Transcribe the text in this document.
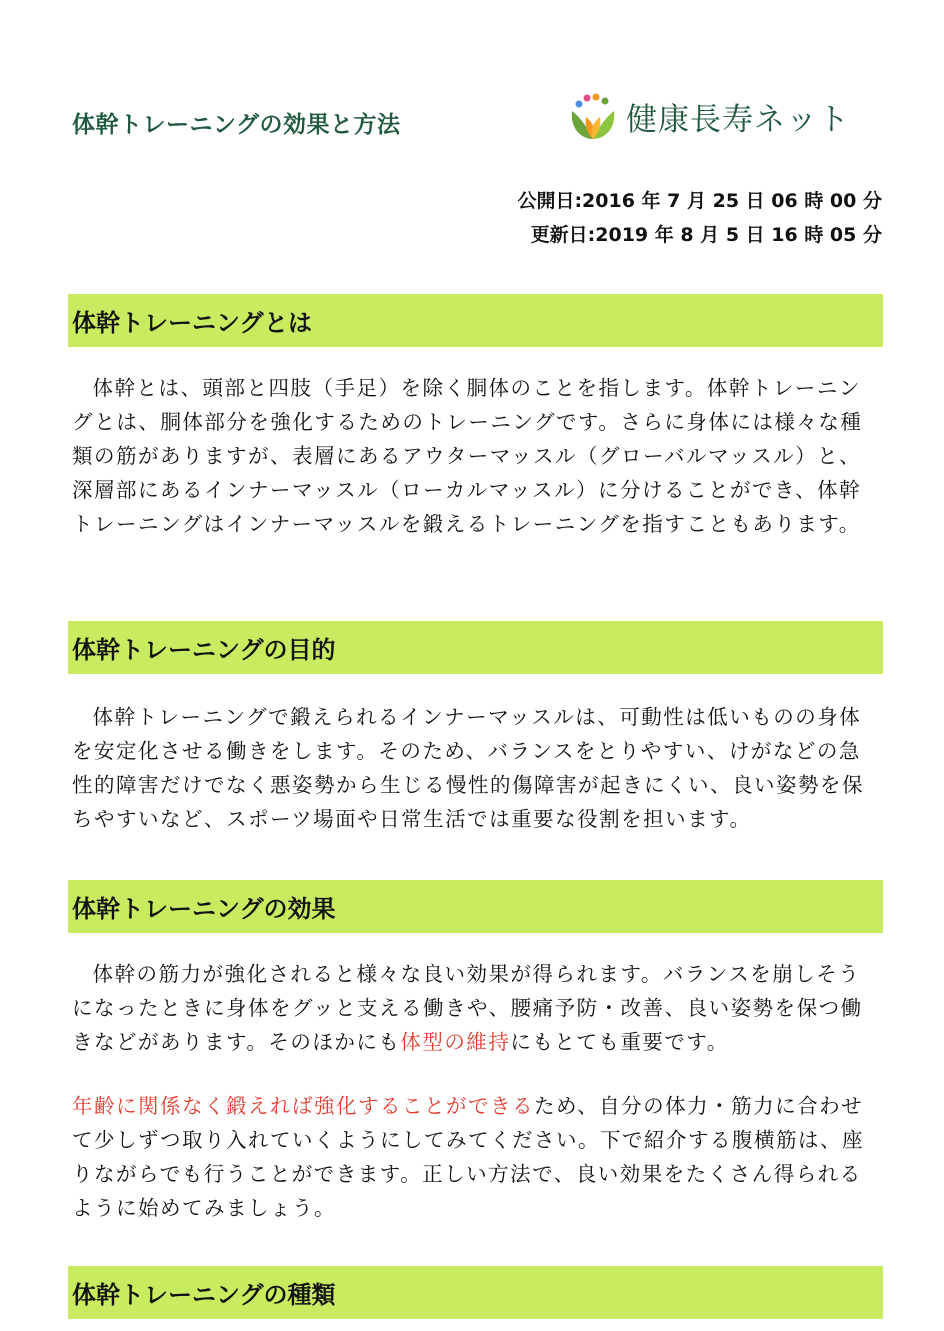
体幹トレーニングの効果と方法	健康長寿ネット
公開日:2016 年 7 月 25 日 06 時 00 分
更新日:2019 年 8 月 5 日 16 時 05 分
体幹トレーニングとは

体幹とは、頭部と四肢（手足）を除く胴体のことを指します。体幹トレーニングとは、胴体部分を強化するためのトレーニングです。さらに身体には様々な種類の筋がありますが、表層にあるアウターマッスル（グローバルマッスル）と、深層部にあるインナーマッスル（ローカルマッスル）に分けることができ、体幹トレーニングはインナーマッスルを鍛えるトレーニングを指すこともあります。

体幹トレーニングの目的

体幹トレーニングで鍛えられるインナーマッスルは、可動性は低いものの身体を安定化させる働きをします。そのため、バランスをとりやすい、けがなどの急性的障害だけでなく悪姿勢から生じる慢性的傷障害が起きにくい、良い姿勢を保ちやすいなど、スポーツ場面や日常生活では重要な役割を担います。

体幹トレーニングの効果

体幹の筋力が強化されると様々な良い効果が得られます。バランスを崩しそうになったときに身体をグッと支える働きや、腰痛予防・改善、良い姿勢を保つ働きなどがあります。そのほかにも体型の維持にもとても重要です。

年齢に関係なく鍛えれば強化することができるため、自分の体力・筋力に合わせて少しずつ取り入れていくようにしてみてください。下で紹介する腹横筋は、座りながらでも行うことができます。正しい方法で、良い効果をたくさん得られるように始めてみましょう。

体幹トレーニングの種類
